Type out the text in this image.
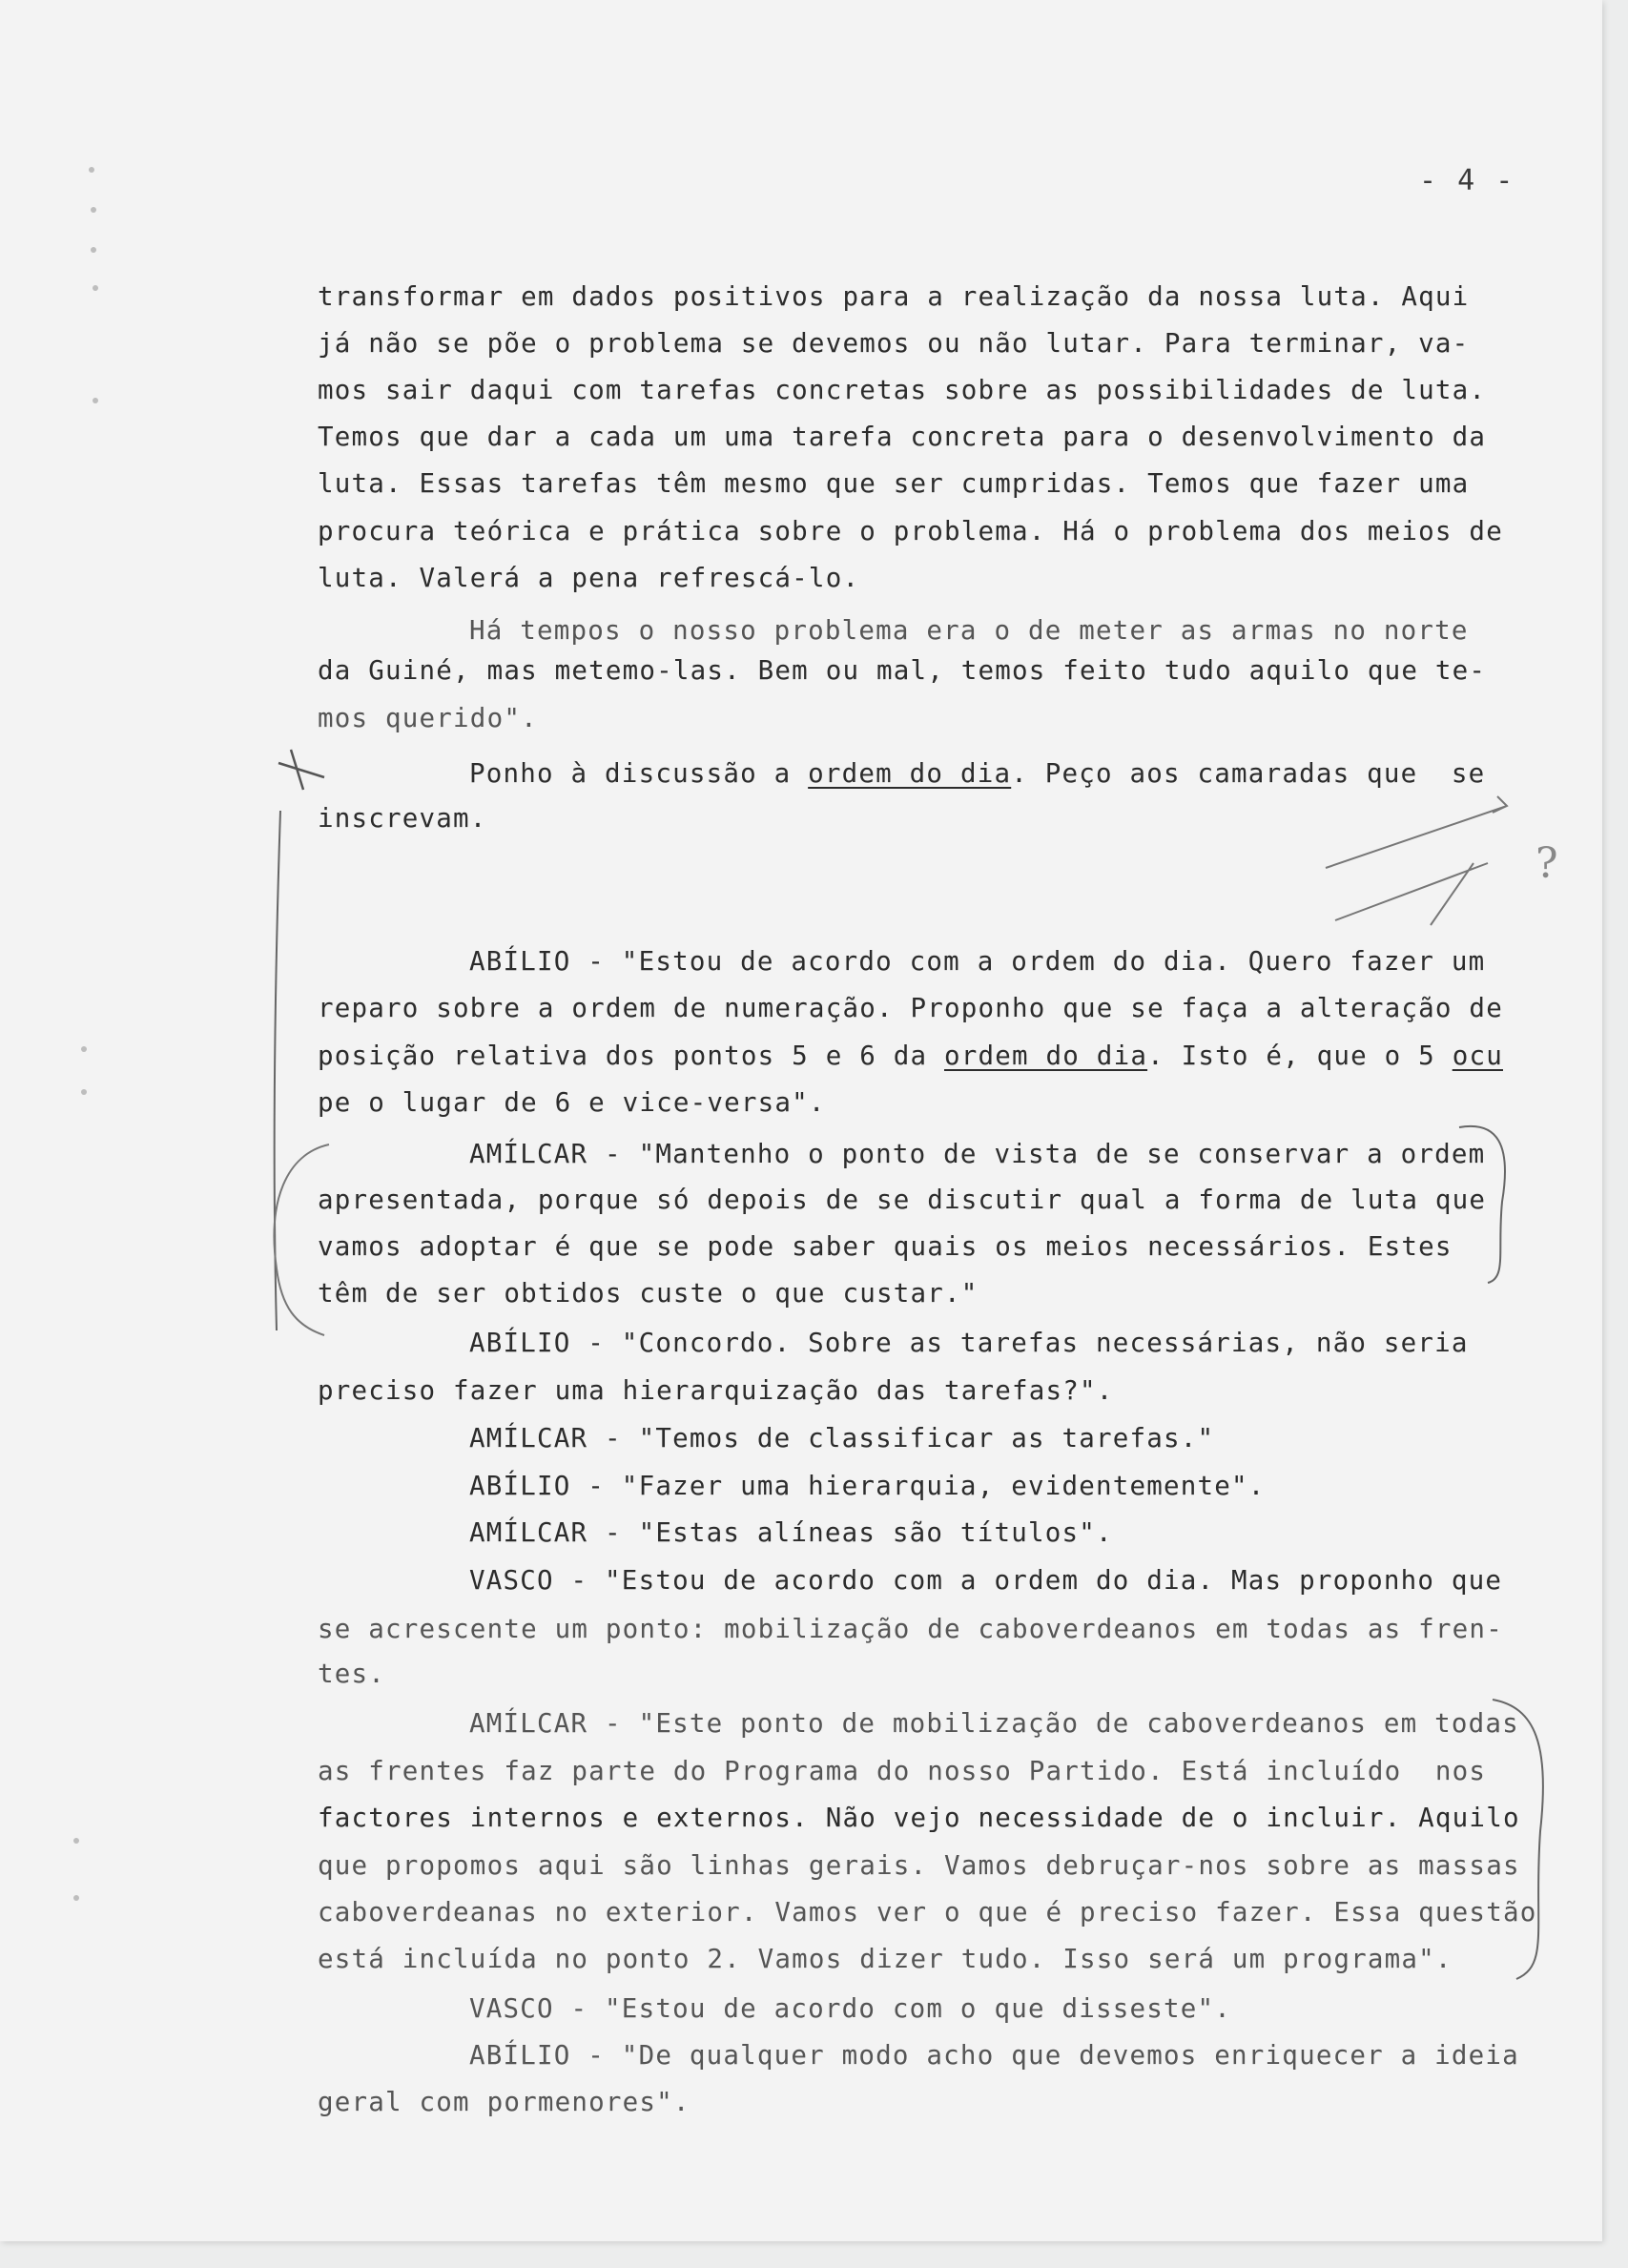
?
- 4 -
transformar em dados positivos para a realização da nossa luta. Aqui
já não se põe o problema se devemos ou não lutar. Para terminar, va-
mos sair daqui com tarefas concretas sobre as possibilidades de luta.
Temos que dar a cada um uma tarefa concreta para o desenvolvimento da
luta. Essas tarefas têm mesmo que ser cumpridas. Temos que fazer uma
procura teórica e prática sobre o problema. Há o problema dos meios de
luta. Valerá a pena refrescá-lo.
Há tempos o nosso problema era o de meter as armas no norte
da Guiné, mas metemo-las. Bem ou mal, temos feito tudo aquilo que te-
mos querido".
Ponho à discussão a ordem do dia. Peço aos camaradas que  se
inscrevam.
ABÍLIO - "Estou de acordo com a ordem do dia. Quero fazer um
reparo sobre a ordem de numeração. Proponho que se faça a alteração de
posição relativa dos pontos 5 e 6 da ordem do dia. Isto é, que o 5 ocu
pe o lugar de 6 e vice-versa".
AMÍLCAR - "Mantenho o ponto de vista de se conservar a ordem
apresentada, porque só depois de se discutir qual a forma de luta que
vamos adoptar é que se pode saber quais os meios necessários. Estes
têm de ser obtidos custe o que custar."
ABÍLIO - "Concordo. Sobre as tarefas necessárias, não seria
preciso fazer uma hierarquização das tarefas?".
AMÍLCAR - "Temos de classificar as tarefas."
ABÍLIO - "Fazer uma hierarquia, evidentemente".
AMÍLCAR - "Estas alíneas são títulos".
VASCO - "Estou de acordo com a ordem do dia. Mas proponho que
se acrescente um ponto: mobilização de caboverdeanos em todas as fren-
tes.
AMÍLCAR - "Este ponto de mobilização de caboverdeanos em todas
as frentes faz parte do Programa do nosso Partido. Está incluído  nos
factores internos e externos. Não vejo necessidade de o incluir. Aquilo
que propomos aqui são linhas gerais. Vamos debruçar-nos sobre as massas
caboverdeanas no exterior. Vamos ver o que é preciso fazer. Essa questão
está incluída no ponto 2. Vamos dizer tudo. Isso será um programa".
VASCO - "Estou de acordo com o que disseste".
ABÍLIO - "De qualquer modo acho que devemos enriquecer a ideia
geral com pormenores".
